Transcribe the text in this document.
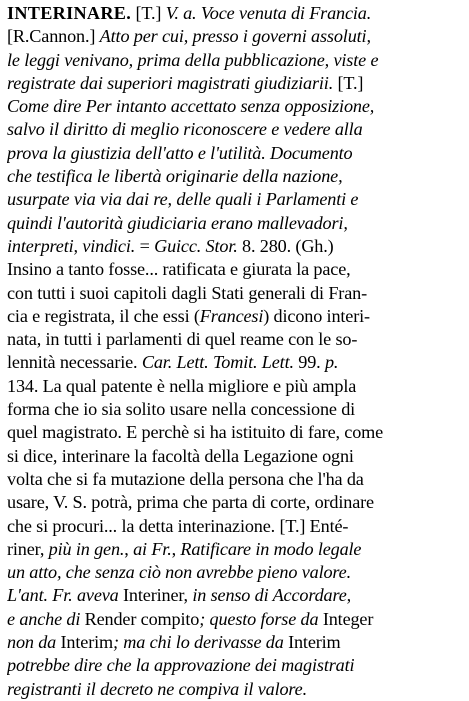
INTERINARE. [T.] V. a. Voce venuta di Francia.
[R.Cannon.] Atto per cui, presso i governi assoluti,
le leggi venivano, prima della pubblicazione, viste e
registrate dai superiori magistrati giudiziarii. [T.]
Come dire Per intanto accettato senza opposizione,
salvo il diritto di meglio riconoscere e vedere alla
prova la giustizia dell'atto e l'utilità. Documento
che testifica le libertà originarie della nazione,
usurpate via via dai re, delle quali i Parlamenti e
quindi l'autorità giudiciaria erano mallevadori,
interpreti, vindici. = Guicc. Stor. 8. 280. (Gh.)
Insino a tanto fosse... ratificata e giurata la pace,
con tutti i suoi capitoli dagli Stati generali di Fran-
cia e registrata, il che essi (Francesi) dicono interi-
nata, in tutti i parlamenti di quel reame con le so-
lennità necessarie. Car. Lett. Tomit. Lett. 99. p.
134. La qual patente è nella migliore e più ampla
forma che io sia solito usare nella concessione di
quel magistrato. E perchè si ha istituito di fare, come
si dice, interinare la facoltà della Legazione ogni
volta che si fa mutazione della persona che l'ha da
usare, V. S. potrà, prima che parta di corte, ordinare
che si procuri... la detta interinazione. [T.] Enté-
riner, più in gen., ai Fr., Ratificare in modo legale
un atto, che senza ciò non avrebbe pieno valore.
L'ant. Fr. aveva Interiner, in senso di Accordare,
e anche di Render compito; questo forse da Integer
non da Interim; ma chi lo derivasse da Interim
potrebbe dire che la approvazione dei magistrati
registranti il decreto ne compiva il valore.
